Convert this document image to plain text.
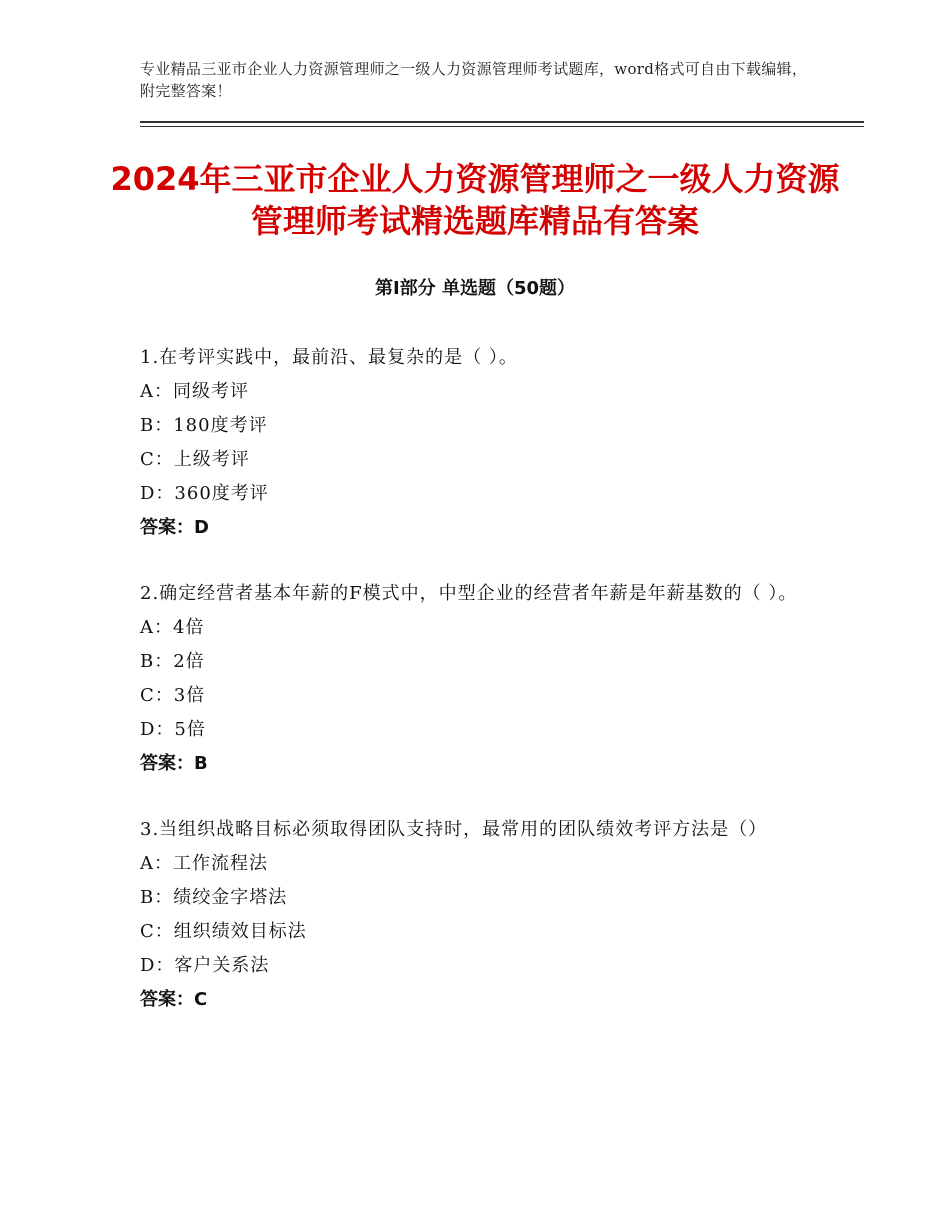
专业精品三亚市企业人力资源管理师之一级人力资源管理师考试题库，word格式可自由下载编辑，附完整答案！
2024年三亚市企业人力资源管理师之一级人力资源管理师考试精选题库精品有答案
第Ⅰ部分 单选题（50题）

1.在考评实践中，最前沿、最复杂的是（ ）。

A：同级考评

B：180度考评

C：上级考评

D：360度考评

答案：D

2.确定经营者基本年薪的F模式中，中型企业的经营者年薪是年薪基数的（ ）。

A：4倍

B：2倍

C：3倍

D：5倍

答案：B

3.当组织战略目标必须取得团队支持时，最常用的团队绩效考评方法是（）

A：工作流程法

B：绩绞金字塔法

C：组织绩效目标法

D：客户关系法

答案：C
